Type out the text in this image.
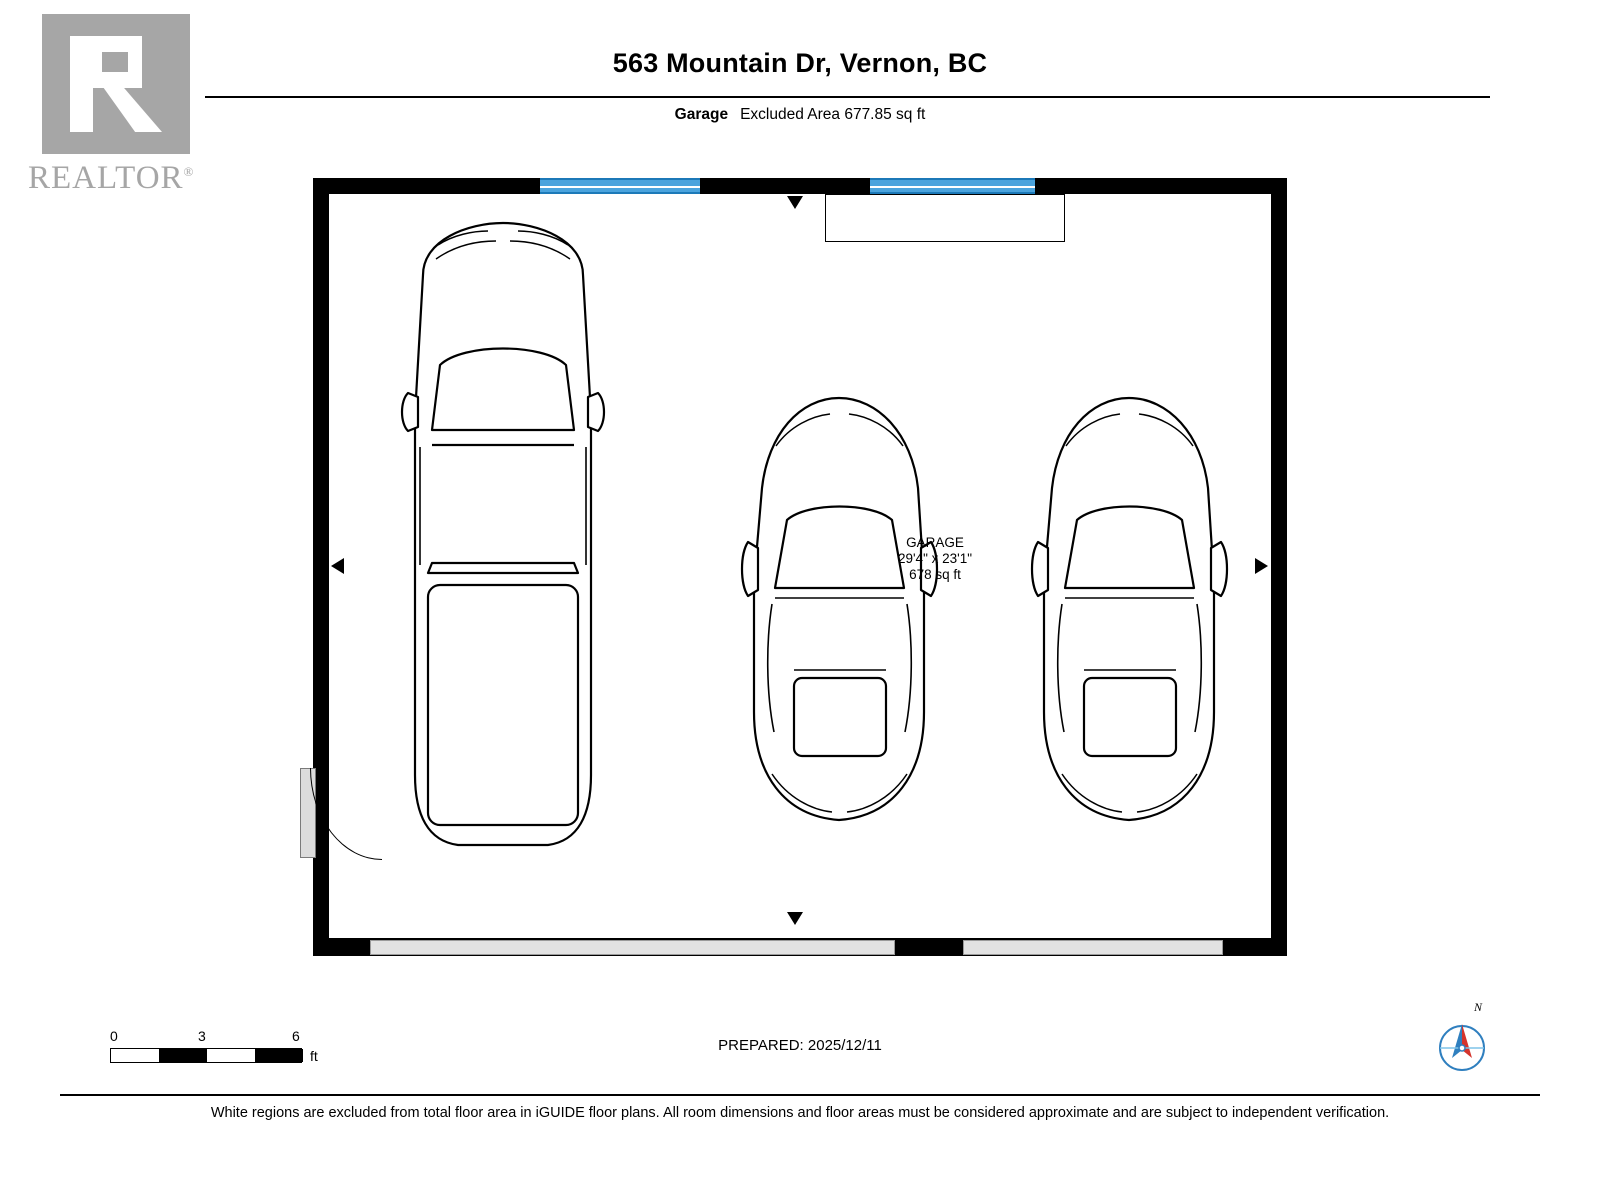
REALTOR®
563 Mountain Dr, Vernon, BC
Garage Excluded Area 677.85 sq ft
GARAGE
29'4" x 23'1"
678 sq ft
0	3	6
ft
PREPARED: 2025/12/11
N
White regions are excluded from total floor area in iGUIDE floor plans. All room dimensions and floor areas must be considered approximate and are subject to independent verification.
